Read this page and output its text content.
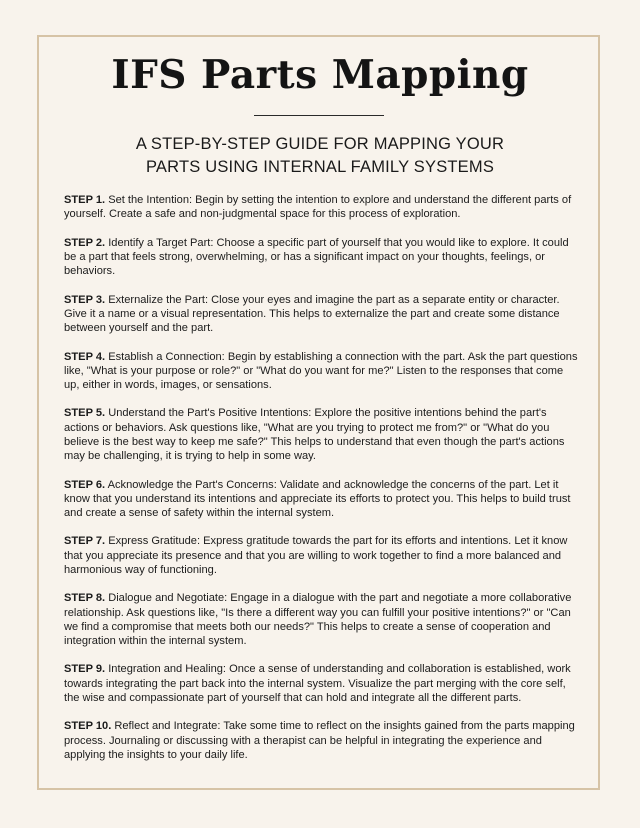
IFS Parts Mapping
A STEP-BY-STEP GUIDE FOR MAPPING YOUR
PARTS USING INTERNAL FAMILY SYSTEMS

STEP 1. Set the Intention: Begin by setting the intention to explore and understand the different parts of yourself. Create a safe and non-judgmental space for this process of exploration.

STEP 2. Identify a Target Part: Choose a specific part of yourself that you would like to explore. It could be a part that feels strong, overwhelming, or has a significant impact on your thoughts, feelings, or behaviors.

STEP 3. Externalize the Part: Close your eyes and imagine the part as a separate entity or character. Give it a name or a visual representation. This helps to externalize the part and create some distance between yourself and the part.

STEP 4. Establish a Connection: Begin by establishing a connection with the part. Ask the part questions like, "What is your purpose or role?" or "What do you want for me?" Listen to the responses that come up, either in words, images, or sensations.

STEP 5. Understand the Part's Positive Intentions: Explore the positive intentions behind the part's actions or behaviors. Ask questions like, "What are you trying to protect me from?" or "What do you believe is the best way to keep me safe?" This helps to understand that even though the part's actions may be challenging, it is trying to help in some way.

STEP 6. Acknowledge the Part's Concerns: Validate and acknowledge the concerns of the part. Let it know that you understand its intentions and appreciate its efforts to protect you. This helps to build trust and create a sense of safety within the internal system.

STEP 7. Express Gratitude: Express gratitude towards the part for its efforts and intentions. Let it know that you appreciate its presence and that you are willing to work together to find a more balanced and harmonious way of functioning.

STEP 8. Dialogue and Negotiate: Engage in a dialogue with the part and negotiate a more collaborative relationship. Ask questions like, "Is there a different way you can fulfill your positive intentions?" or "Can we find a compromise that meets both our needs?" This helps to create a sense of cooperation and integration within the internal system.

STEP 9. Integration and Healing: Once a sense of understanding and collaboration is established, work towards integrating the part back into the internal system. Visualize the part merging with the core self, the wise and compassionate part of yourself that can hold and integrate all the different parts.

STEP 10. Reflect and Integrate: Take some time to reflect on the insights gained from the parts mapping process. Journaling or discussing with a therapist can be helpful in integrating the experience and applying the insights to your daily life.
